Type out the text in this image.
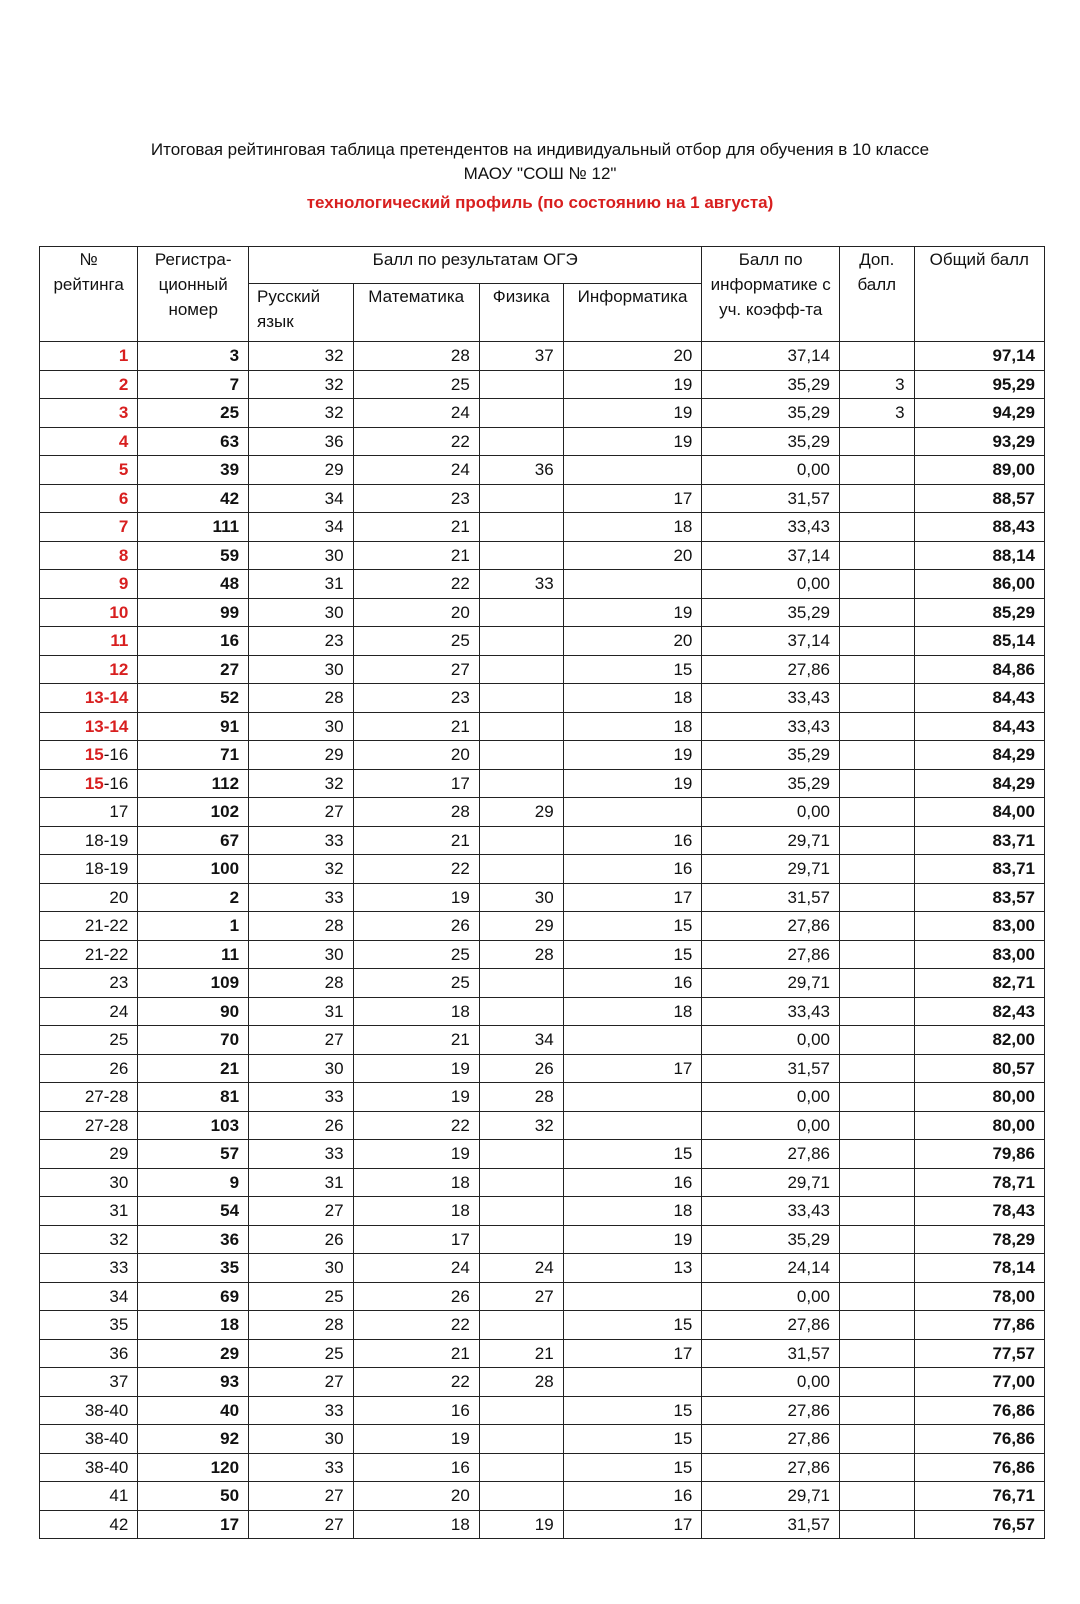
Итоговая рейтинговая таблица претендентов на индивидуальный отбор для обучения в 10 классе
МАОУ "СОШ № 12"
технологический профиль (по состоянию на 1 августа)
№ рейтинга	Регистра-ционный номер	Балл по результатам ОГЭ				Балл по информатике с уч. коэфф-та	Доп. балл	Общий балл
		Русский язык	Математика	Физика	Информатика			
1	3	32	28	37	20	37,14		97,14
2	7	32	25		19	35,29	3	95,29
3	25	32	24		19	35,29	3	94,29
4	63	36	22		19	35,29		93,29
5	39	29	24	36		0,00		89,00
6	42	34	23		17	31,57		88,57
7	111	34	21		18	33,43		88,43
8	59	30	21		20	37,14		88,14
9	48	31	22	33		0,00		86,00
10	99	30	20		19	35,29		85,29
11	16	23	25		20	37,14		85,14
12	27	30	27		15	27,86		84,86
13-14	52	28	23		18	33,43		84,43
13-14	91	30	21		18	33,43		84,43
15-16	71	29	20		19	35,29		84,29
15-16	112	32	17		19	35,29		84,29
17	102	27	28	29		0,00		84,00
18-19	67	33	21		16	29,71		83,71
18-19	100	32	22		16	29,71		83,71
20	2	33	19	30	17	31,57		83,57
21-22	1	28	26	29	15	27,86		83,00
21-22	11	30	25	28	15	27,86		83,00
23	109	28	25		16	29,71		82,71
24	90	31	18		18	33,43		82,43
25	70	27	21	34		0,00		82,00
26	21	30	19	26	17	31,57		80,57
27-28	81	33	19	28		0,00		80,00
27-28	103	26	22	32		0,00		80,00
29	57	33	19		15	27,86		79,86
30	9	31	18		16	29,71		78,71
31	54	27	18		18	33,43		78,43
32	36	26	17		19	35,29		78,29
33	35	30	24	24	13	24,14		78,14
34	69	25	26	27		0,00		78,00
35	18	28	22		15	27,86		77,86
36	29	25	21	21	17	31,57		77,57
37	93	27	22	28		0,00		77,00
38-40	40	33	16		15	27,86		76,86
38-40	92	30	19		15	27,86		76,86
38-40	120	33	16		15	27,86		76,86
41	50	27	20		16	29,71		76,71
42	17	27	18	19	17	31,57		76,57
